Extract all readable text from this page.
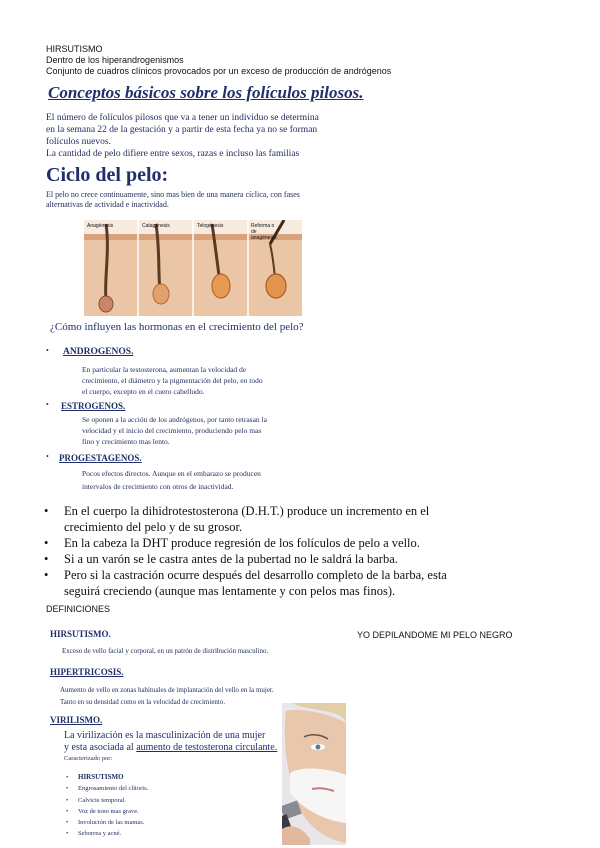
HIRSUTISMO
Dentro de los hiperandrogenismos
Conjunto de cuadros clínicos provocados por un exceso de producción de andrógenos
Conceptos básicos sobre los folículos pilosos.
El número de folículos pilosos que va a tener un individuo se determina
en la semana 22 de la gestación y a partir de esta fecha ya no se forman
folículos nuevos.
La cantidad de pelo difiere entre sexos, razas e incluso las familias
Ciclo del pelo:
El pelo no crece continuamente, sino mas bien de una manera cíclica, con fases
alternativas de actividad e inactividad.
Anagénesis	Catagénesis	Telogénesis	Reforma o de anagénesis
¿Cómo influyen las hormonas en el crecimiento del pelo?
• ANDROGENOS.
En particular la testosterona, aumentan la velocidad de
crecimiento, el diámetro y la pigmentación del pelo, en todo
el cuerpo, excepto en el cuero cabelludo.
• ESTROGENOS.
Se oponen a la acción de los andrógenos, por tanto retrasan la
velocidad y el inicio del crecimiento, produciendo pelo mas
fino y crecimiento mas lento.
• PROGESTAGENOS.
Pocos efectos directos. Aunque en el embarazo se producen
intervalos de crecimiento con otros de inactividad.
• En el cuerpo la dihidrotestosterona (D.H.T.) produce un incremento en el
crecimiento del pelo y de su grosor.
• En la cabeza la DHT produce regresión de los folículos de pelo a vello.
• Si a un varón se le castra antes de la pubertad no le saldrá la barba.
• Pero si la castración ocurre después del desarrollo completo de la barba, esta
seguirá creciendo (aunque mas lentamente y con pelos mas finos).
DEFINICIONES
YO DEPILANDOME MI PELO NEGRO
HIRSUTISMO.
Exceso de vello facial y corporal, en un patrón de distribución masculino.
HIPERTRICOSIS.
Aumento de vello en zonas habituales de implantación del vello en la mujer.
Tanto en su densidad como en la velocidad de crecimiento.
VIRILISMO.
La virilización es la masculinización de una mujer
y esta asociada al aumento de testosterona circulante.
Caracterizado por:
• HIRSUTISMO
• Engrosamiento del clítoris.
• Calvicie temporal.
• Voz de tono mas grave.
• Involución de las mamas.
• Seborrea y acné.
